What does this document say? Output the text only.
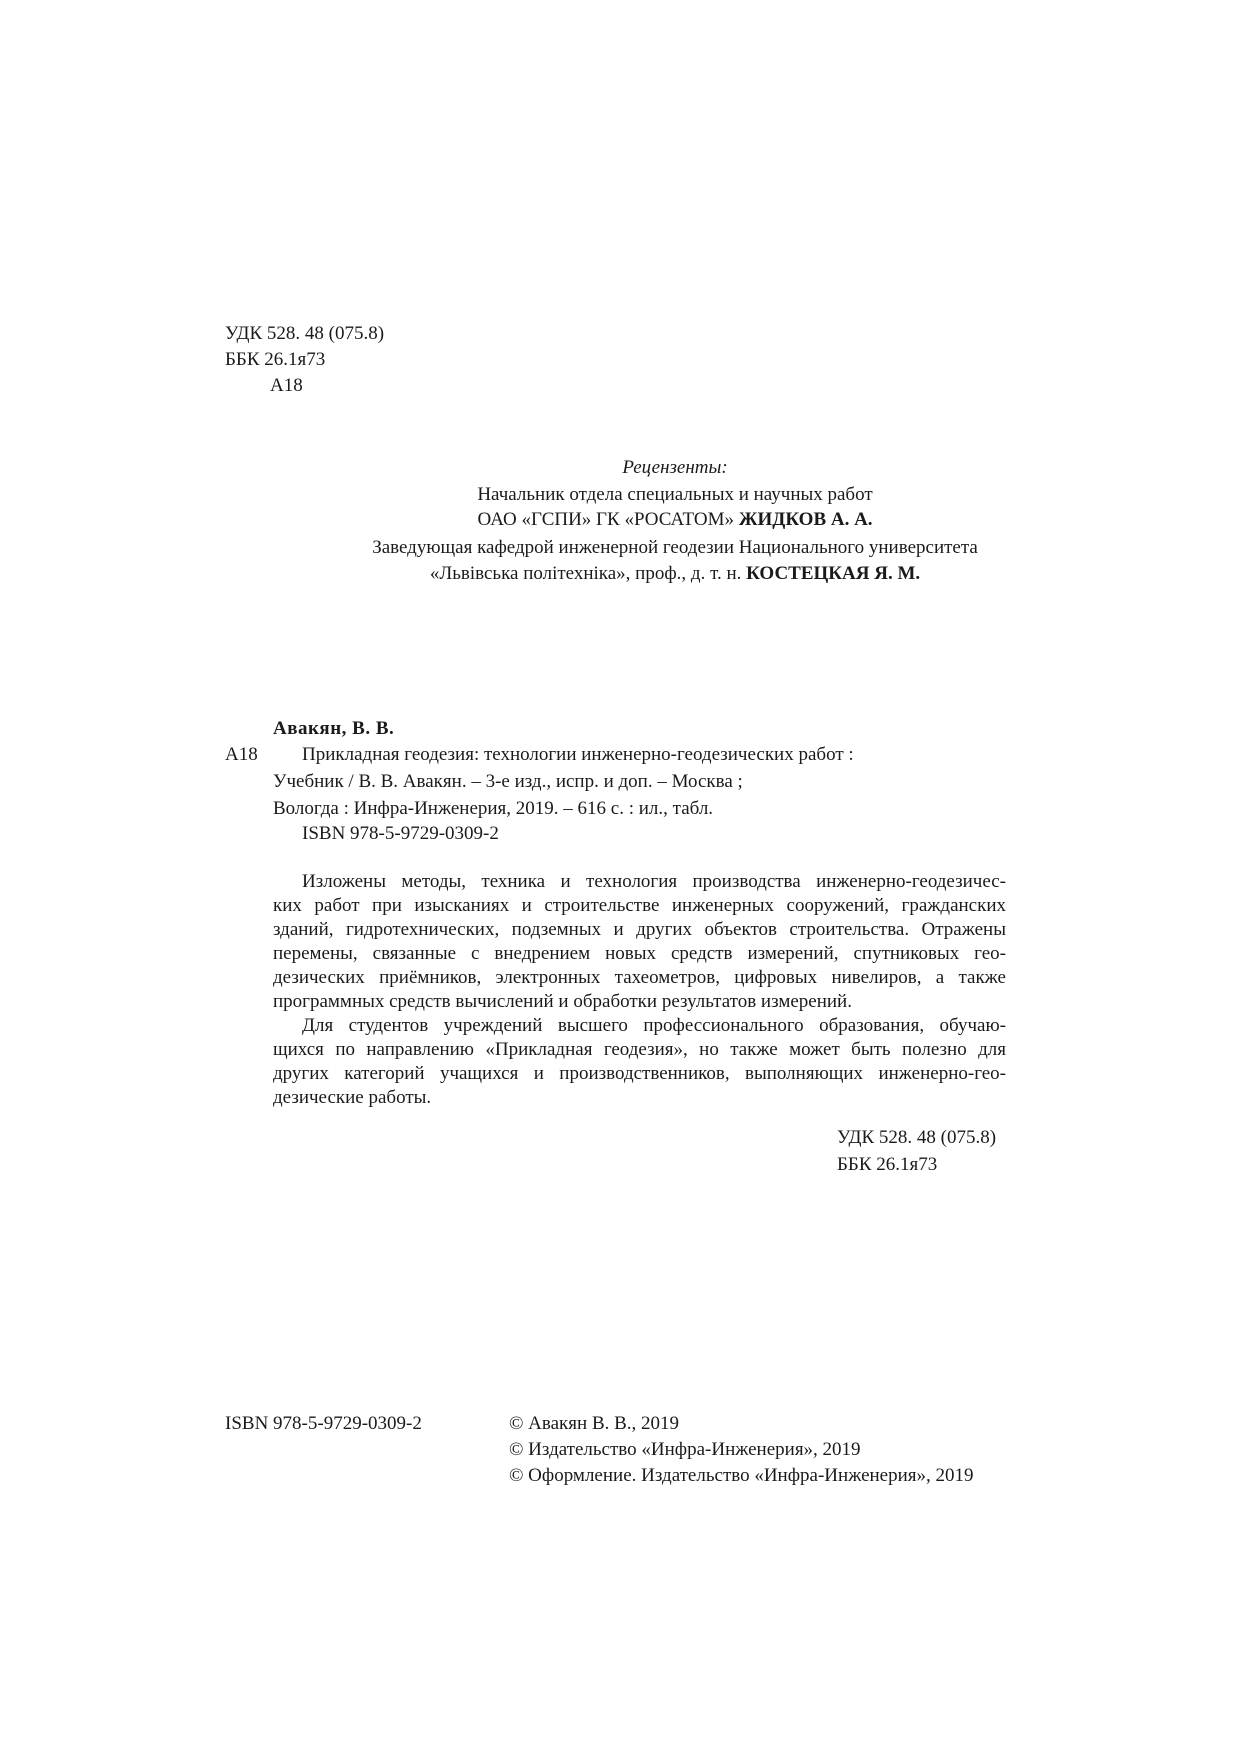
УДК 528. 48 (075.8)
ББК 26.1я73
А18
Рецензенты:
Начальник отдела специальных и научных работ
ОАО «ГСПИ» ГК «РОСАТОМ» ЖИДКОВ А. А.
Заведующая кафедрой инженерной геодезии Национального университета
«Львівська політехніка», проф., д. т. н. КОСТЕЦКАЯ Я. М.
Авакян, В. В.
А18 Прикладная геодезия: технологии инженерно-геодезических работ :
Учебник / В. В. Авакян. – 3-е изд., испр. и доп. – Москва ;
Вологда : Инфра-Инженерия, 2019. – 616 с. : ил., табл.
ISBN 978-5-9729-0309-2
Изложены методы, техника и технология производства инженерно-геодезичес-
ких работ при изысканиях и строительстве инженерных сооружений, гражданских
зданий, гидротехнических, подземных и других объектов строительства. Отражены
перемены, связанные с внедрением новых средств измерений, спутниковых гео-
дезических приёмников, электронных тахеометров, цифровых нивелиров, а также
программных средств вычислений и обработки результатов измерений.
Для студентов учреждений высшего профессионального образования, обучаю-
щихся по направлению «Прикладная геодезия», но также может быть полезно для
других категорий учащихся и производственников, выполняющих инженерно-гео-
дезические работы.
УДК 528. 48 (075.8)
ББК 26.1я73
ISBN 978-5-9729-0309-2	© Авакян В. В., 2019
© Издательство «Инфра-Инженерия», 2019
© Оформление. Издательство «Инфра-Инженерия», 2019
